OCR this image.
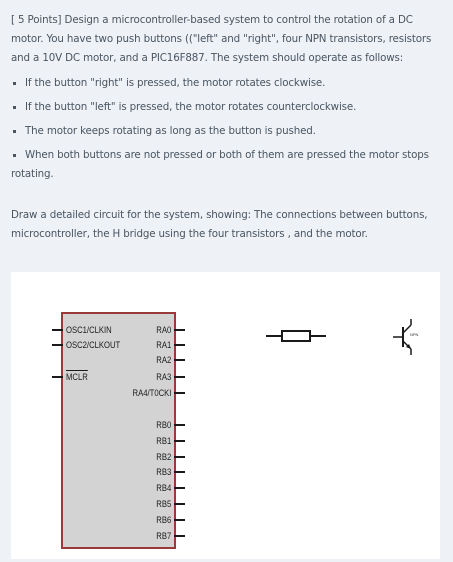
[ 5 Points] Design a microcontroller-based system to control the rotation of a DC motor. You have two push buttons (("left" and "right", four NPN transistors, resistors and a 10V DC motor, and a PIC16F887. The system should operate as follows:

If the button "right" is pressed, the motor rotates clockwise.

If the button "left" is pressed, the motor rotates counterclockwise.

The motor keeps rotating as long as the button is pushed.

When both buttons are not pressed or both of them are pressed the motor stops rotating.

Draw a detailed circuit for the system, showing: The connections between buttons, microcontroller, the H bridge using the four transistors , and the motor.

OSC1/CLKIN
OSC2/CLKOUT
MCLR
RA0
RA1
RA2
RA3
RA4/T0CKI
RB0
RB1
RB2
RB3
RB4
RB5
RB6
RB7
NPN
